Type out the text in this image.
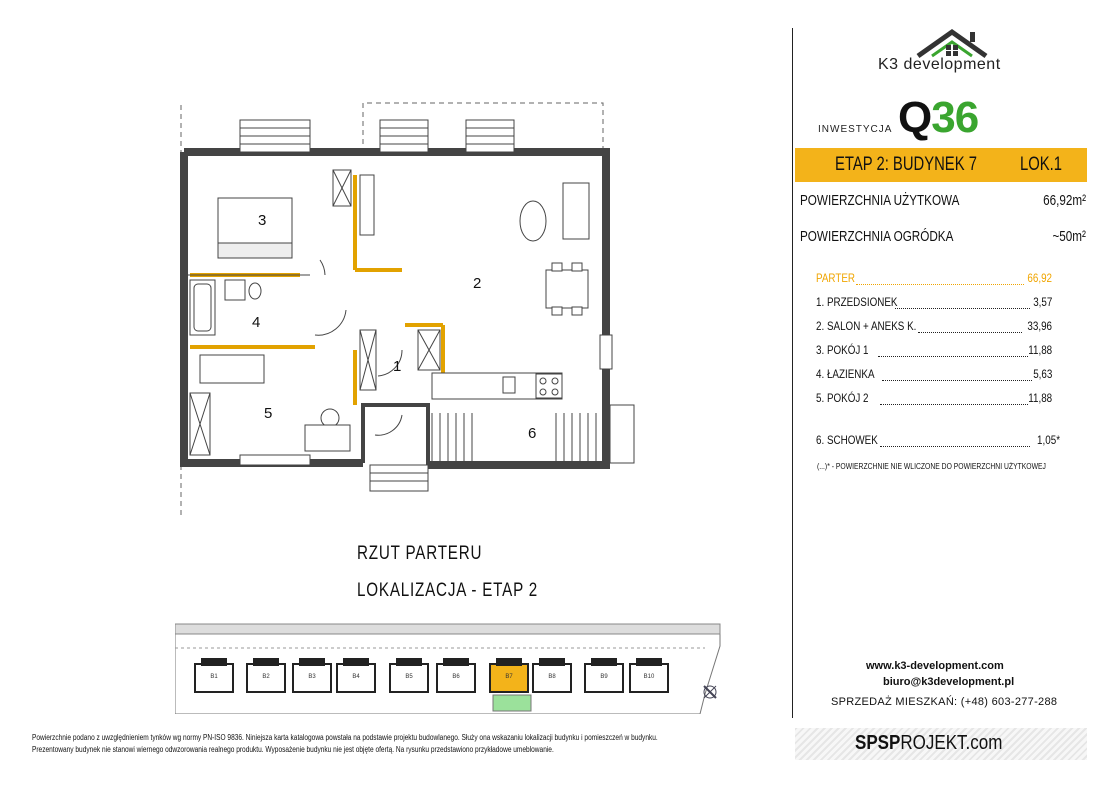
K3 development
INWESTYCJA Q36
ETAP 2: BUDYNEK 7 LOK.1
POWIERZCHNIA UŻYTKOWA	66,92m²
POWIERZCHNIA OGRÓDKA	~50m²
PARTER	66,92
1. PRZEDSIONEK	3,57
2. SALON + ANEKS K.	33,96
3. POKÓJ 1	11,88
4. ŁAZIENKA	5,63
5. POKÓJ 2	11,88
6. SCHOWEK	1,05*
(...)* - POWIERZCHNIE NIE WLICZONE DO POWIERZCHNI UŻYTKOWEJ
www.k3-development.com
biuro@k3development.pl
SPRZEDAŻ MIESZKAŃ: (+48) 603-277-288
SPSPROJEKT.com
1
2
3
4
5
6
RZUT PARTERU
LOKALIZACJA - ETAP 2
B1	B2	B3	B4	B5	B6	B7	B8	B9	B10
Powierzchnie podano z uwzględnieniem tynków wg normy PN-ISO 9836. Niniejsza karta katalogowa powstała na podstawie projektu budowlanego. Służy ona wskazaniu lokalizacji budynku i pomieszczeń w budynku.
Prezentowany budynek nie stanowi wiernego odwzorowania realnego produktu. Wyposażenie budynku nie jest objęte ofertą. Na rysunku przedstawiono przykładowe umeblowanie.
